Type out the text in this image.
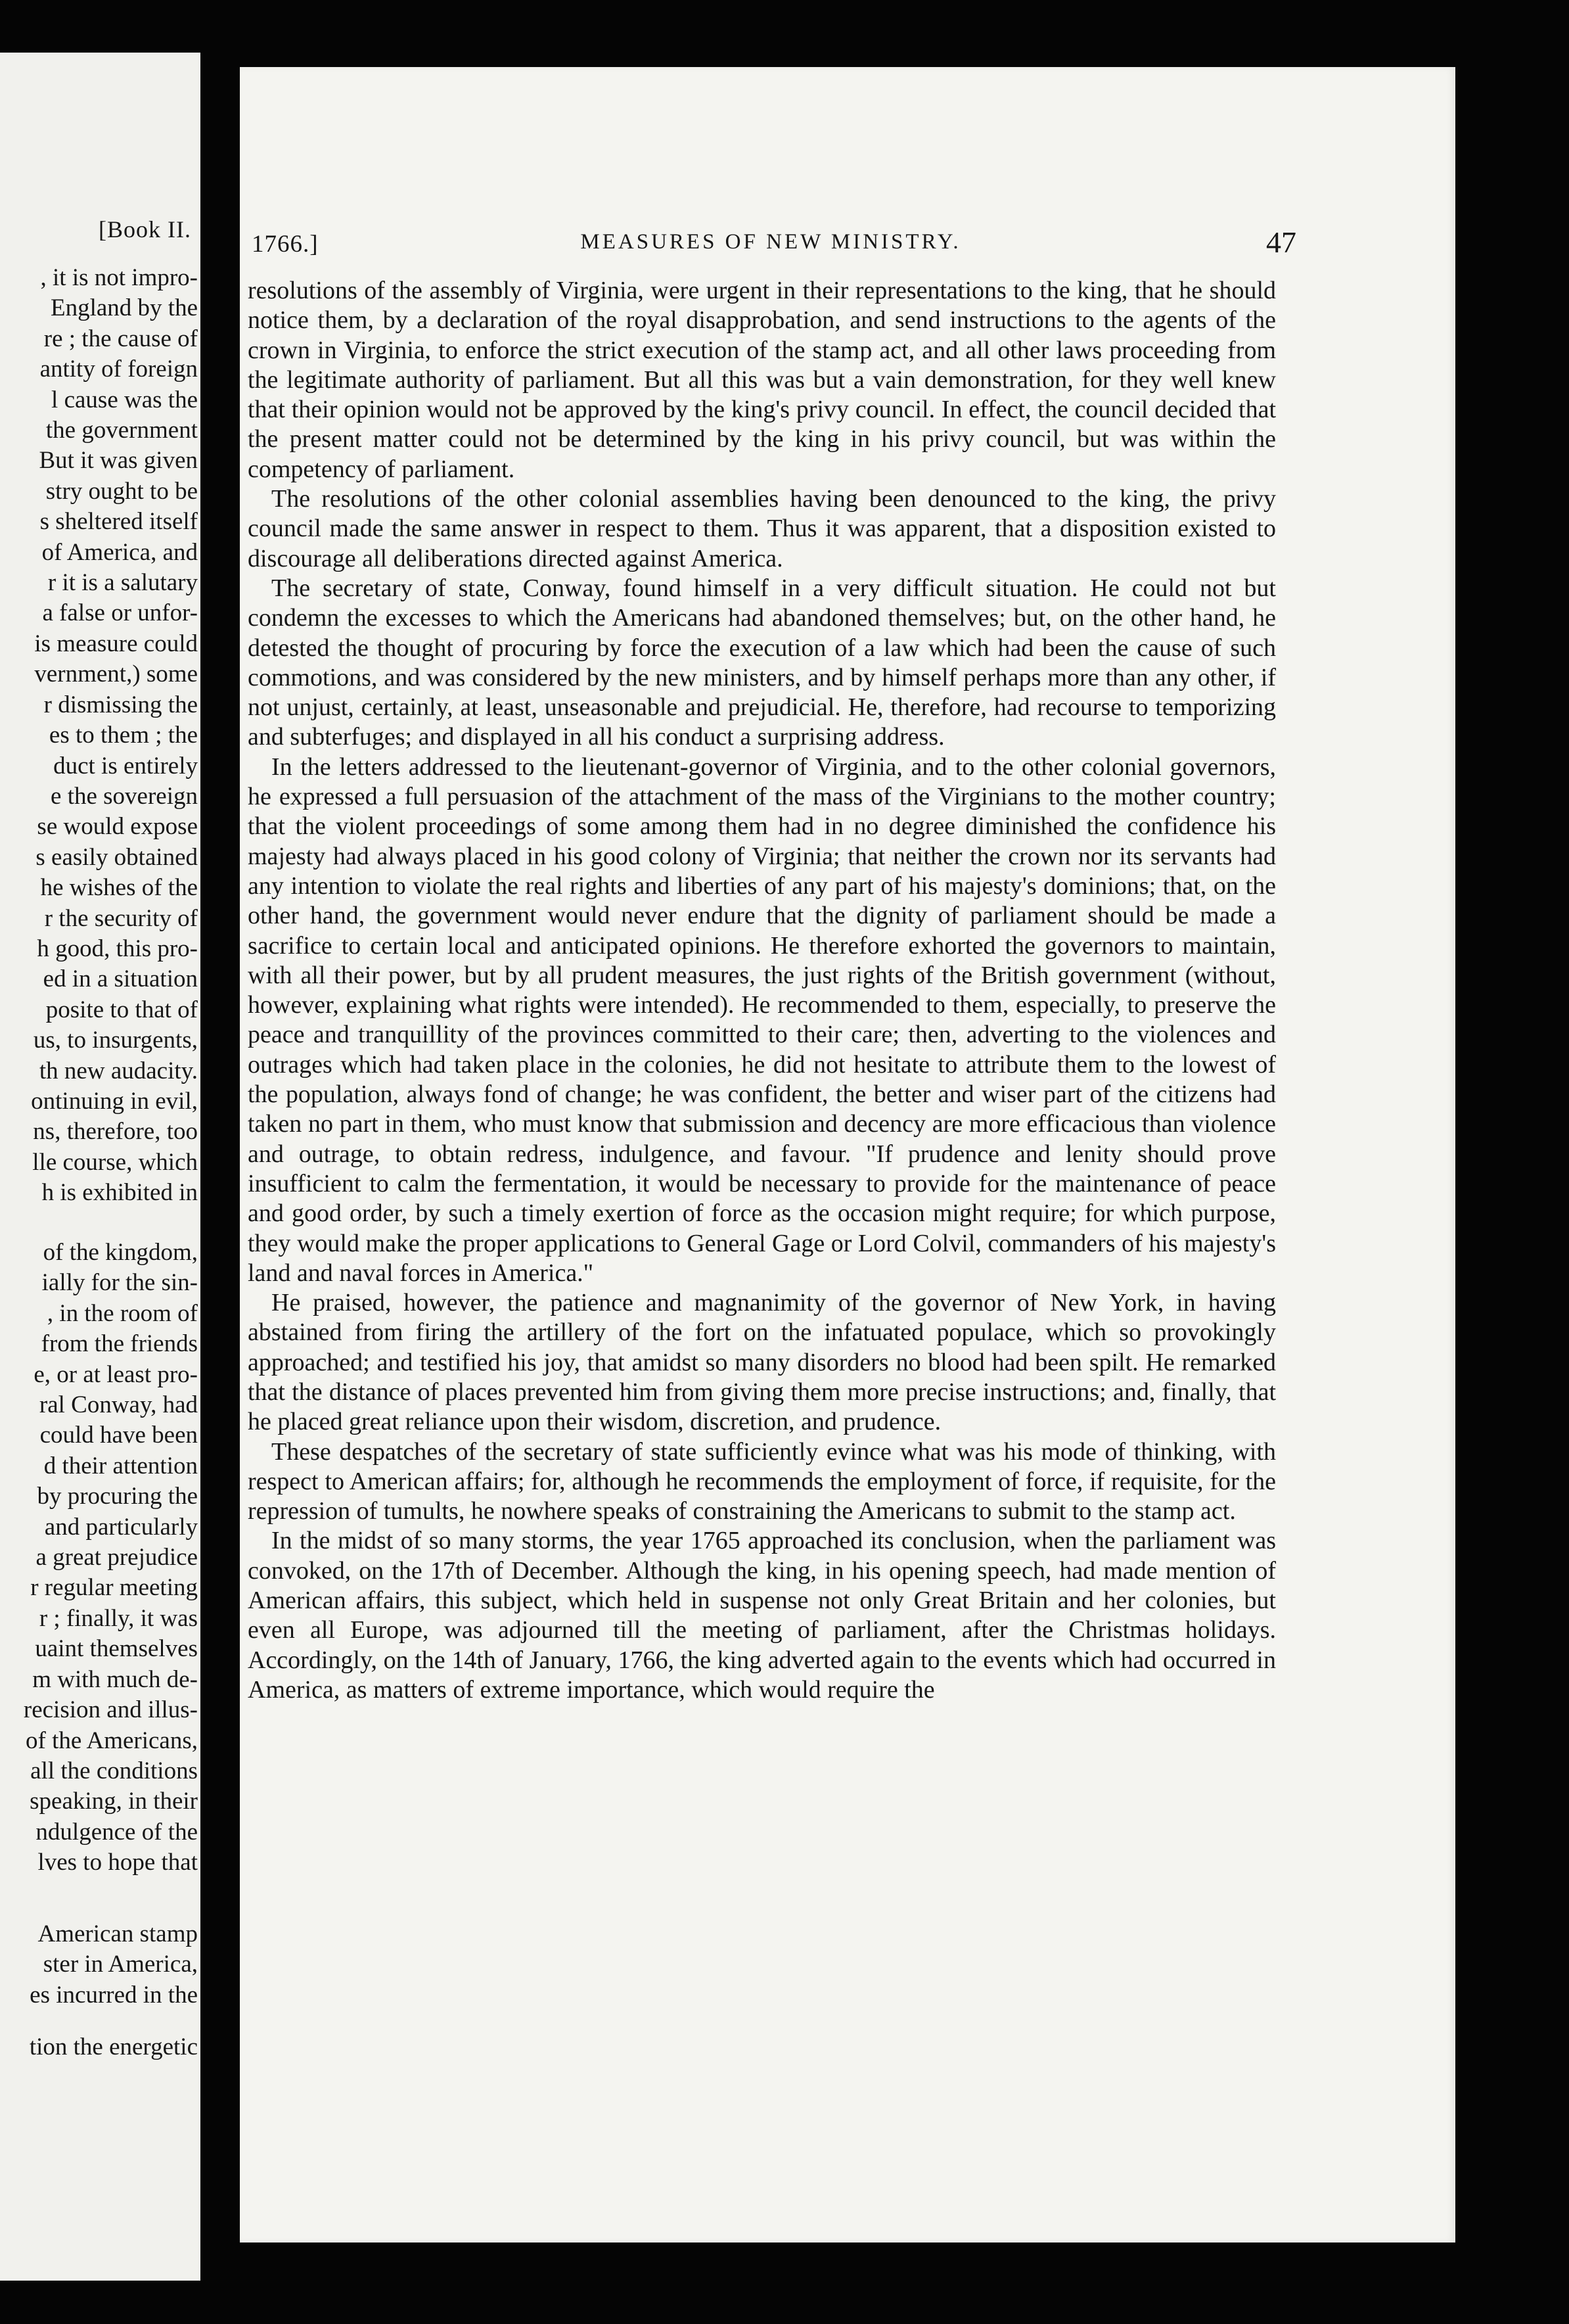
[Book II.
, it is not impro-
England by the
re ; the cause of
antity of foreign
l cause was the
the government
But it was given
stry ought to be
s sheltered itself
of America, and
r it is a salutary
a false or unfor-
is measure could
vernment,) some
r dismissing the
es to them ; the
duct is entirely
e the sovereign
se would expose
s easily obtained
he wishes of the
r the security of
h good, this pro-
ed in a situation
posite to that of
us, to insurgents,
th new audacity.
ontinuing in evil,
ns, therefore, too
lle course, which
h is exhibited in
of the kingdom,
ially for the sin-
, in the room of
from the friends
e, or at least pro-
ral Conway, had
could have been
d their attention
by procuring the
and particularly
a great prejudice
r regular meeting
r ; finally, it was
uaint themselves
m with much de-
recision and illus-
of the Americans,
all the conditions
speaking, in their
ndulgence of the
lves to hope that
American stamp
ster in America,
es incurred in the
tion the energetic
1766.]	MEASURES OF NEW MINISTRY.	47

resolutions of the assembly of Virginia, were urgent in their representations to the king, that he should notice them, by a declaration of the royal disapprobation, and send instructions to the agents of the crown in Virginia, to enforce the strict execution of the stamp act, and all other laws proceeding from the legitimate authority of parliament. But all this was but a vain demonstration, for they well knew that their opinion would not be approved by the king's privy council. In effect, the council decided that the present matter could not be determined by the king in his privy council, but was within the competency of parliament.

The resolutions of the other colonial assemblies having been denounced to the king, the privy council made the same answer in respect to them. Thus it was apparent, that a disposition existed to discourage all deliberations directed against America.

The secretary of state, Conway, found himself in a very difficult situation. He could not but condemn the excesses to which the Americans had abandoned themselves; but, on the other hand, he detested the thought of procuring by force the execution of a law which had been the cause of such commotions, and was considered by the new ministers, and by himself perhaps more than any other, if not unjust, certainly, at least, unseasonable and prejudicial. He, therefore, had recourse to temporizing and subterfuges; and displayed in all his conduct a surprising address.

In the letters addressed to the lieutenant-governor of Virginia, and to the other colonial governors, he expressed a full persuasion of the attachment of the mass of the Virginians to the mother country; that the violent proceedings of some among them had in no degree diminished the confidence his majesty had always placed in his good colony of Virginia; that neither the crown nor its servants had any intention to violate the real rights and liberties of any part of his majesty's dominions; that, on the other hand, the government would never endure that the dignity of parliament should be made a sacrifice to certain local and anticipated opinions. He therefore exhorted the governors to maintain, with all their power, but by all prudent measures, the just rights of the British government (without, however, explaining what rights were intended). He recommended to them, especially, to preserve the peace and tranquillity of the provinces committed to their care; then, adverting to the violences and outrages which had taken place in the colonies, he did not hesitate to attribute them to the lowest of the population, always fond of change; he was confident, the better and wiser part of the citizens had taken no part in them, who must know that submission and decency are more efficacious than violence and outrage, to obtain redress, indulgence, and favour. "If prudence and lenity should prove insufficient to calm the fermentation, it would be necessary to provide for the maintenance of peace and good order, by such a timely exertion of force as the occasion might require; for which purpose, they would make the proper applications to General Gage or Lord Colvil, commanders of his majesty's land and naval forces in America."

He praised, however, the patience and magnanimity of the governor of New York, in having abstained from firing the artillery of the fort on the infatuated populace, which so provokingly approached; and testified his joy, that amidst so many disorders no blood had been spilt. He remarked that the distance of places prevented him from giving them more precise instructions; and, finally, that he placed great reliance upon their wisdom, discretion, and prudence.

These despatches of the secretary of state sufficiently evince what was his mode of thinking, with respect to American affairs; for, although he recommends the employment of force, if requisite, for the repression of tumults, he nowhere speaks of constraining the Americans to submit to the stamp act.

In the midst of so many storms, the year 1765 approached its conclusion, when the parliament was convoked, on the 17th of December. Although the king, in his opening speech, had made mention of American affairs, this subject, which held in suspense not only Great Britain and her colonies, but even all Europe, was adjourned till the meeting of parliament, after the Christmas holidays. Accordingly, on the 14th of January, 1766, the king adverted again to the events which had occurred in America, as matters of extreme importance, which would require the
